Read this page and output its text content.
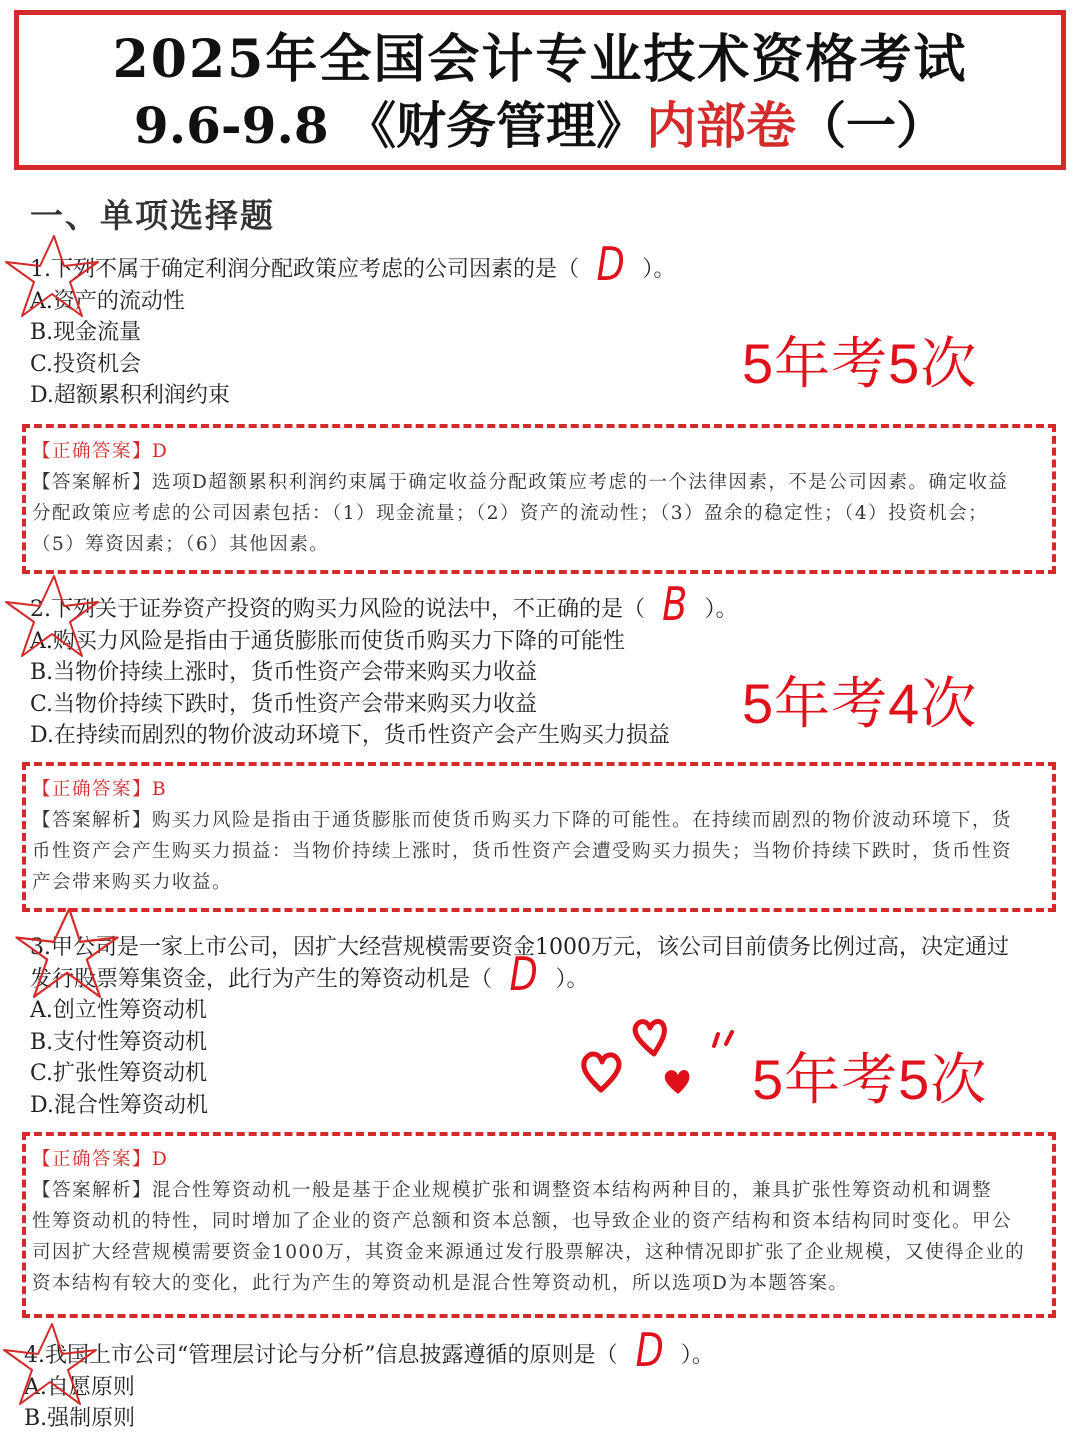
2025年全国会计专业技术资格考试
9.6-9.8 《财务管理》内部卷（一）
一、单项选择题
1.下列不属于确定利润分配政策应考虑的公司因素的是（ D ）。
A.资产的流动性
B.现金流量
C.投资机会
D.超额累积利润约束
5年考5次
【正确答案】D
【答案解析】选项D超额累积利润约束属于确定收益分配政策应考虑的一个法律因素，不是公司因素。确定收益
分配政策应考虑的公司因素包括：（1）现金流量；（2）资产的流动性；（3）盈余的稳定性；（4）投资机会；
（5）筹资因素；（6）其他因素。
2.下列关于证券资产投资的购买力风险的说法中，不正确的是（ B ）。
A.购买力风险是指由于通货膨胀而使货币购买力下降的可能性
B.当物价持续上涨时，货币性资产会带来购买力收益
C.当物价持续下跌时，货币性资产会带来购买力收益
D.在持续而剧烈的物价波动环境下，货币性资产会产生购买力损益
5年考4次
【正确答案】B
【答案解析】购买力风险是指由于通货膨胀而使货币购买力下降的可能性。在持续而剧烈的物价波动环境下，货
币性资产会产生购买力损益：当物价持续上涨时，货币性资产会遭受购买力损失；当物价持续下跌时，货币性资
产会带来购买力收益。
3.甲公司是一家上市公司，因扩大经营规模需要资金1000万元，该公司目前债务比例过高，决定通过
发行股票筹集资金，此行为产生的筹资动机是（ D ）。
A.创立性筹资动机
B.支付性筹资动机
C.扩张性筹资动机
D.混合性筹资动机	5年考5次
【正确答案】D
【答案解析】混合性筹资动机一般是基于企业规模扩张和调整资本结构两种目的，兼具扩张性筹资动机和调整
性筹资动机的特性，同时增加了企业的资产总额和资本总额，也导致企业的资产结构和资本结构同时变化。甲公
司因扩大经营规模需要资金1000万，其资金来源通过发行股票解决，这种情况即扩张了企业规模，又使得企业的
资本结构有较大的变化，此行为产生的筹资动机是混合性筹资动机，所以选项D为本题答案。
4.我国上市公司“管理层讨论与分析”信息披露遵循的原则是（ D ）。
A.自愿原则
B.强制原则
